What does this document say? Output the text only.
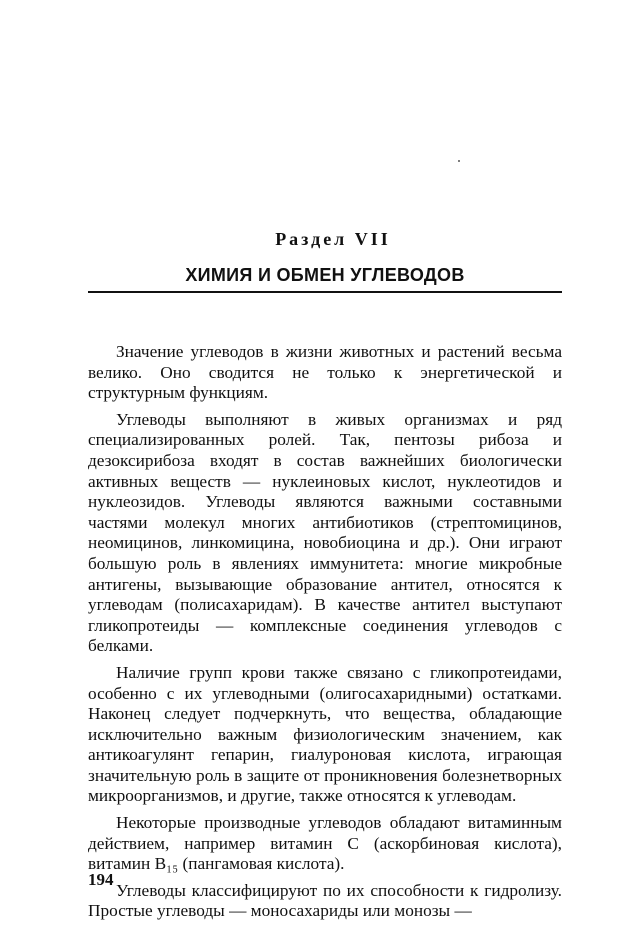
Раздел VII
ХИМИЯ И ОБМЕН УГЛЕВОДОВ

Значение углеводов в жизни животных и растений весьма велико. Оно сводится не только к энергетической и структурным функциям.

Углеводы выполняют в живых организмах и ряд специализированных ролей. Так, пентозы рибоза и дезоксирибоза входят в состав важнейших биологически активных веществ — нуклеиновых кислот, нуклеотидов и нуклеозидов. Углеводы являются важными составными частями молекул многих антибиотиков (стрептомицинов, неомицинов, линкомицина, новобиоцина и др.). Они играют большую роль в явлениях иммунитета: многие микробные антигены, вызывающие образование антител, относятся к углеводам (полисахаридам). В качестве антител выступают гликопротеиды — комплексные соединения углеводов с белками.

Наличие групп крови также связано с гликопротеидами, особенно с их углеводными (олигосахаридными) остатками. Наконец следует подчеркнуть, что вещества, обладающие исключительно важным физиологическим значением, как антикоагулянт гепарин, гиалуроновая кислота, играющая значительную роль в защите от проникновения болезнетворных микроорганизмов, и другие, также относятся к углеводам.

Некоторые производные углеводов обладают витаминным действием, например витамин С (аскорбиновая кислота), витамин B₁₅ (пангамовая кислота).

Углеводы классифицируют по их способности к гидролизу. Простые углеводы — моносахариды или монозы —

194
